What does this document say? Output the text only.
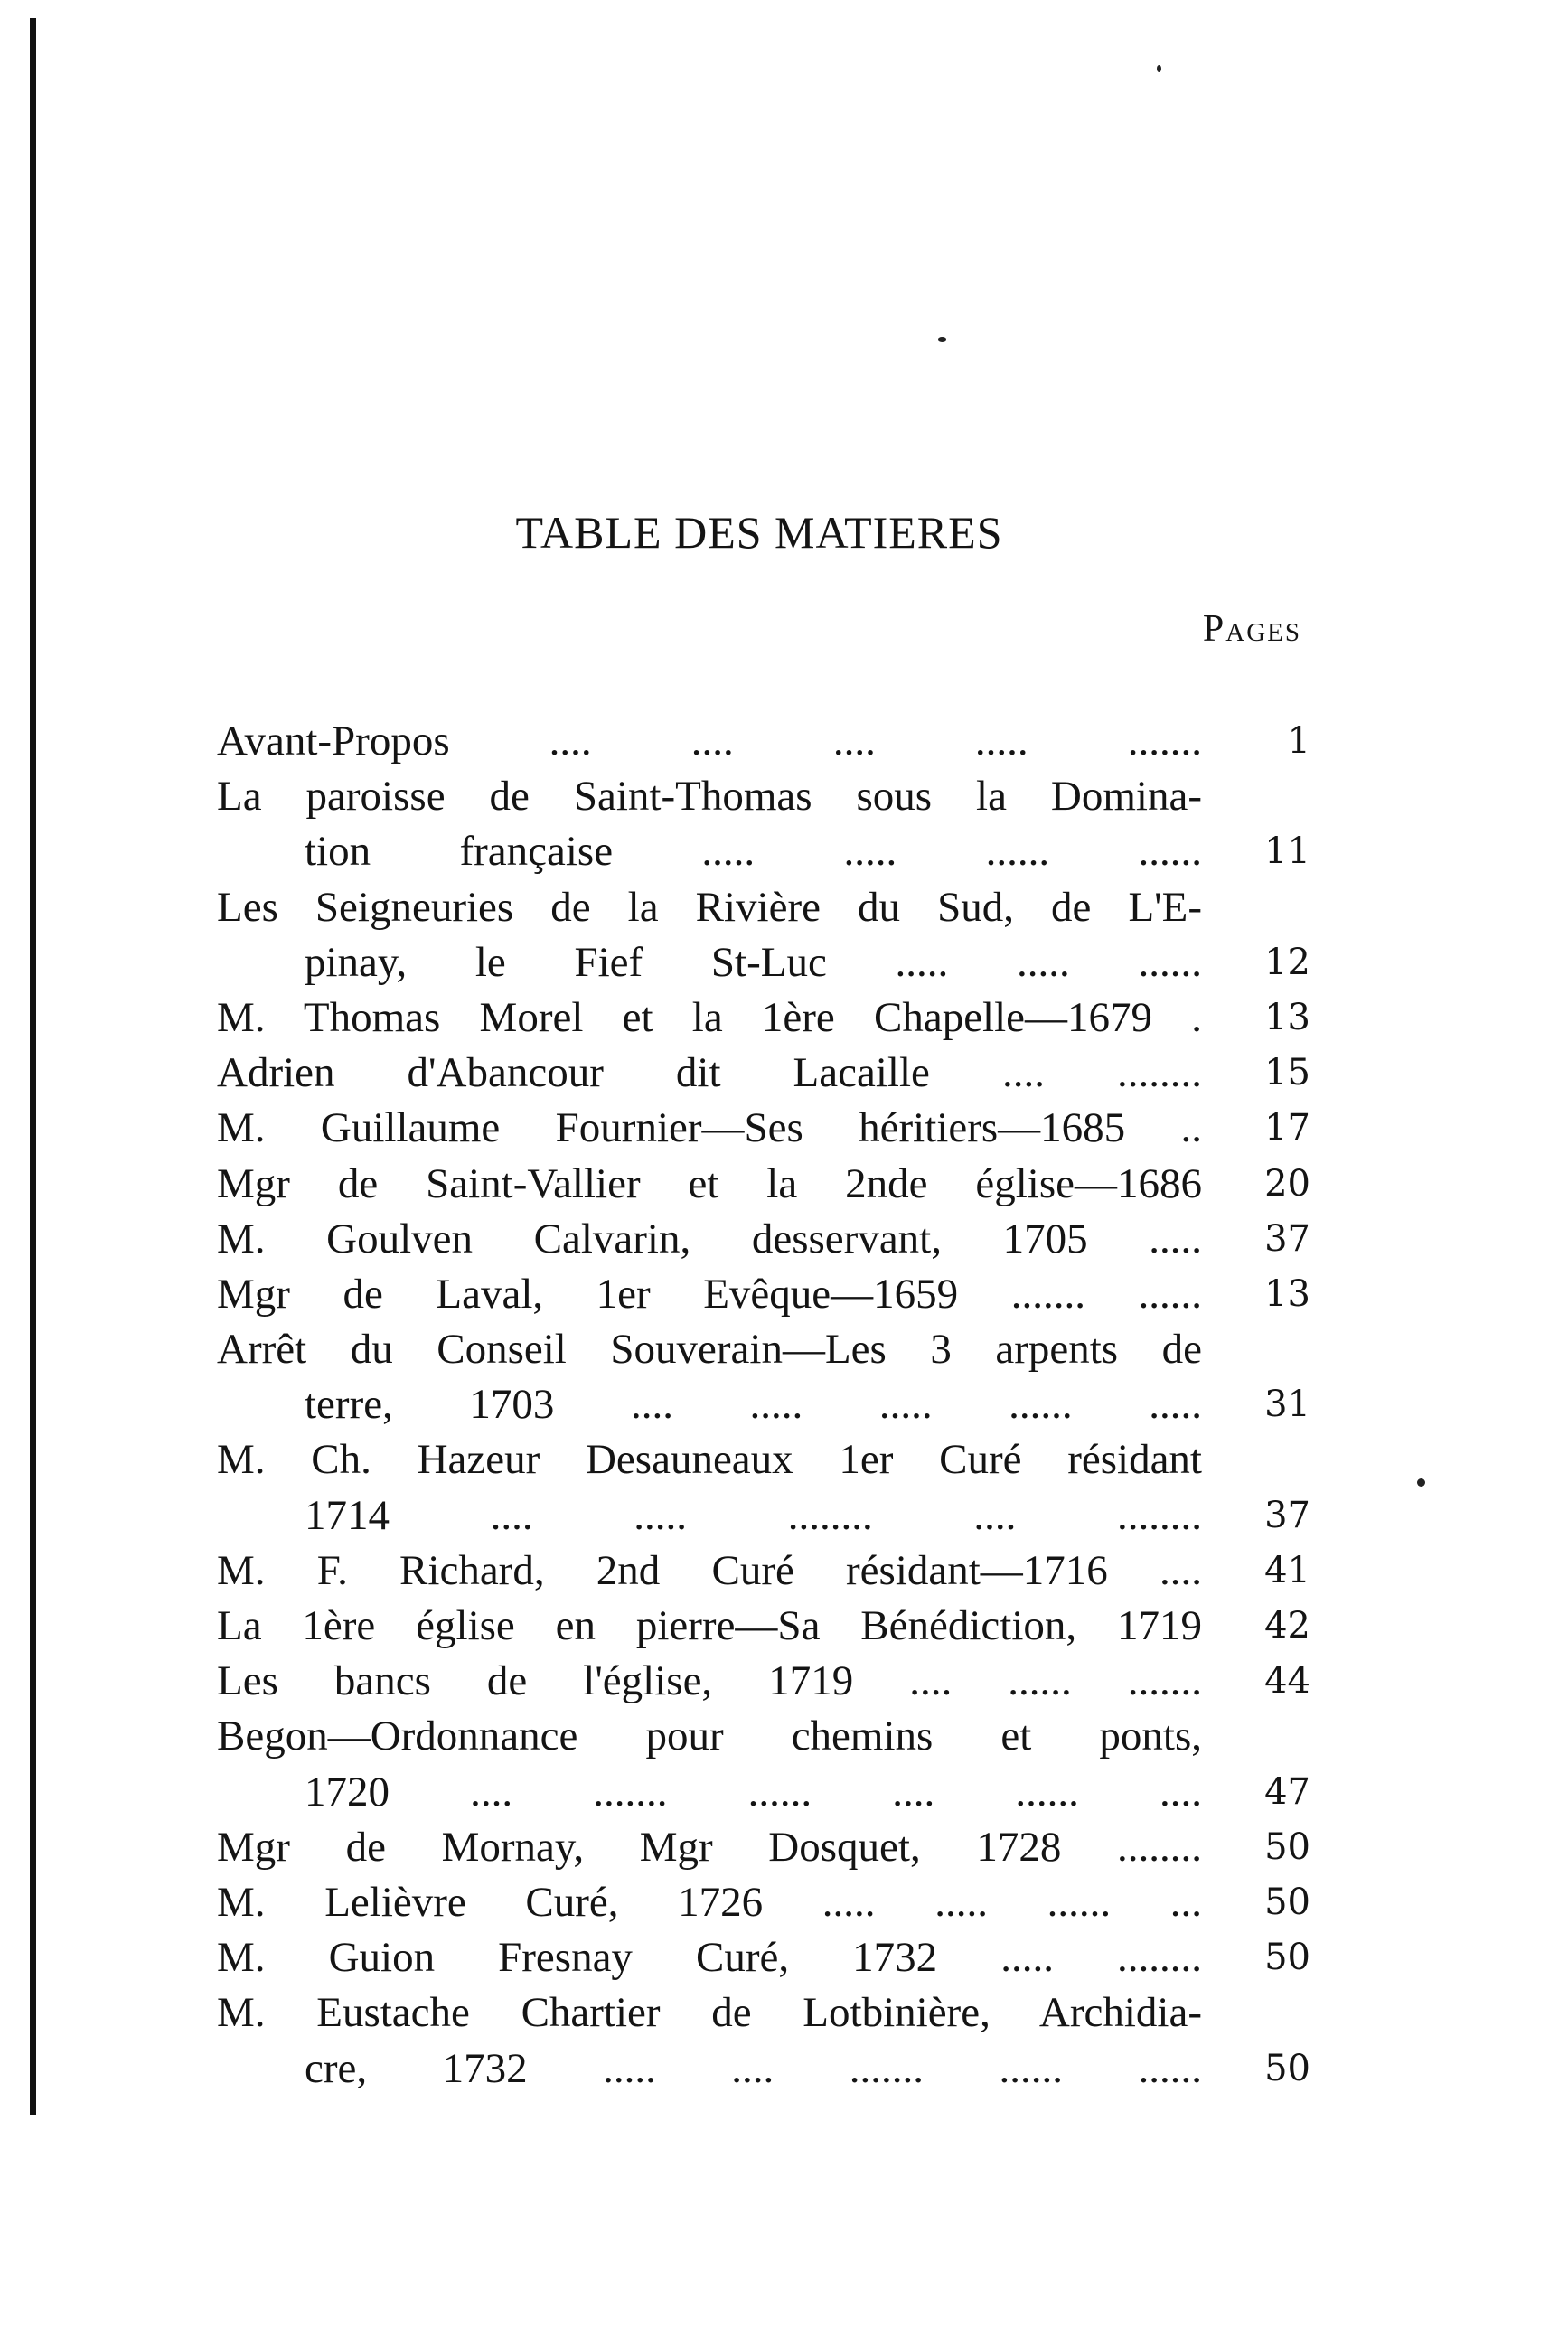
TABLE DES MATIERES
Pages
Avant-Propos .... .... .... ..... .......	1
La paroisse de Saint-Thomas sous la Domina-
tion française ..... ..... ...... ......	11
Les Seigneuries de la Rivière du Sud, de L'E-
pinay, le Fief St-Luc ..... ..... ......	12
M. Thomas Morel et la 1ère Chapelle—1679 .	13
Adrien d'Abancour dit Lacaille .... ........	15
M. Guillaume Fournier—Ses héritiers—1685 ..	17
Mgr de Saint-Vallier et la 2nde église—1686	20
M. Goulven Calvarin, desservant, 1705 .....	37
Mgr de Laval, 1er Evêque—1659 ....... ......	13
Arrêt du Conseil Souverain—Les 3 arpents de
terre, 1703 .... ..... ..... ...... .....	31
M. Ch. Hazeur Desauneaux 1er Curé résidant
1714 .... ..... ........ .... ........	37
M. F. Richard, 2nd Curé résidant—1716 ....	41
La 1ère église en pierre—Sa Bénédiction, 1719	42
Les bancs de l'église, 1719 .... ...... .......	44
Begon—Ordonnance pour chemins et ponts,
1720 .... ....... ...... .... ...... ....	47
Mgr de Mornay, Mgr Dosquet, 1728 ........	50
M. Lelièvre Curé, 1726 ..... ..... ...... ...	50
M. Guion Fresnay Curé, 1732 ..... ........	50
M. Eustache Chartier de Lotbinière, Archidia-
cre, 1732 ..... .... ....... ...... ......	50
